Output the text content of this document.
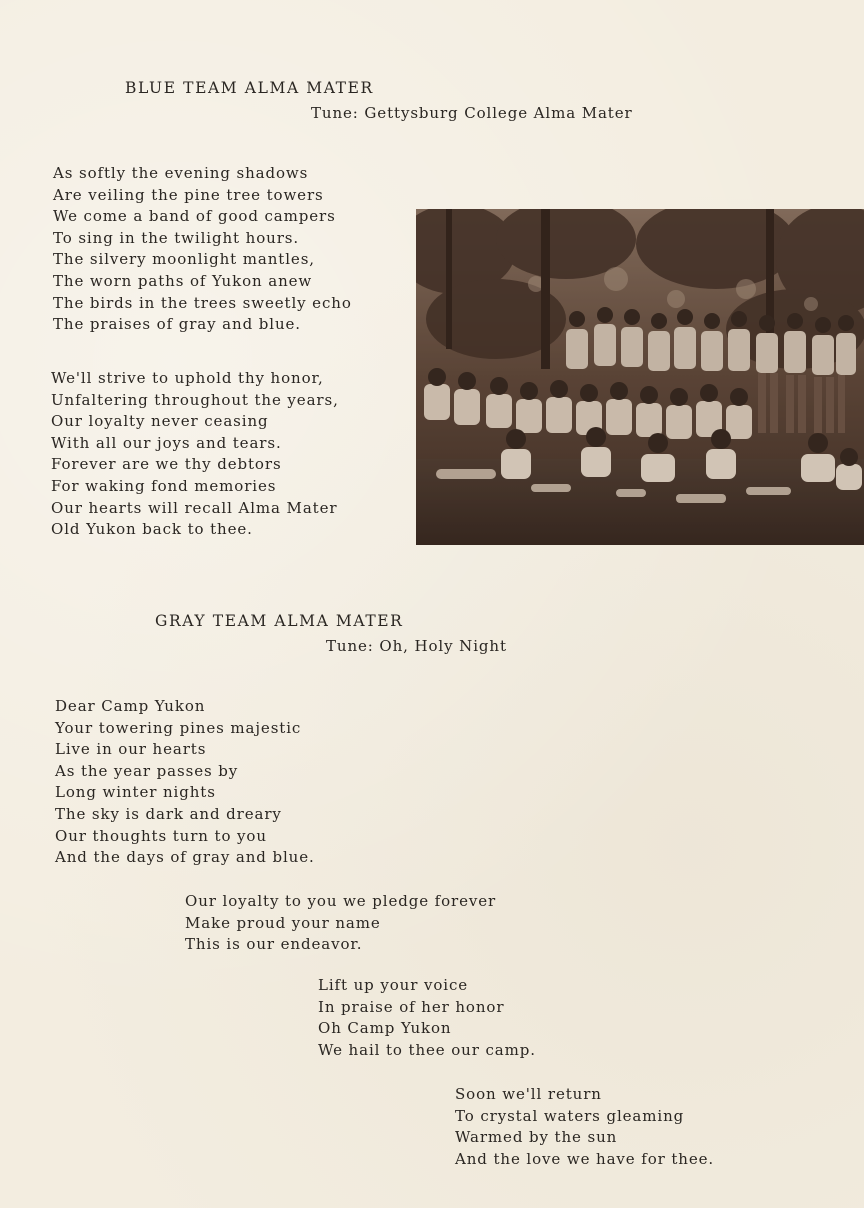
BLUE TEAM ALMA MATER
Tune: Gettysburg College Alma Mater
As softly the evening shadows
Are veiling the pine tree towers
We come a band of good campers
To sing in the twilight hours.
The silvery moonlight mantles,
The worn paths of Yukon anew
The birds in the trees sweetly echo
The praises of gray and blue.
We'll strive to uphold thy honor,
Unfaltering throughout the years,
Our loyalty never ceasing
With all our joys and tears.
Forever are we thy debtors
For waking fond memories
Our hearts will recall Alma Mater
Old Yukon back to thee.
GRAY TEAM ALMA MATER
Tune: Oh, Holy Night
Dear Camp Yukon
Your towering pines majestic
Live in our hearts
As the year passes by
Long winter nights
The sky is dark and dreary
Our thoughts turn to you
And the days of gray and blue.
Our loyalty to you we pledge forever
Make proud your name
This is our endeavor.
Lift up your voice
In praise of her honor
Oh Camp Yukon
We hail to thee our camp.
Soon we'll return
To crystal waters gleaming
Warmed by the sun
And the love we have for thee.
